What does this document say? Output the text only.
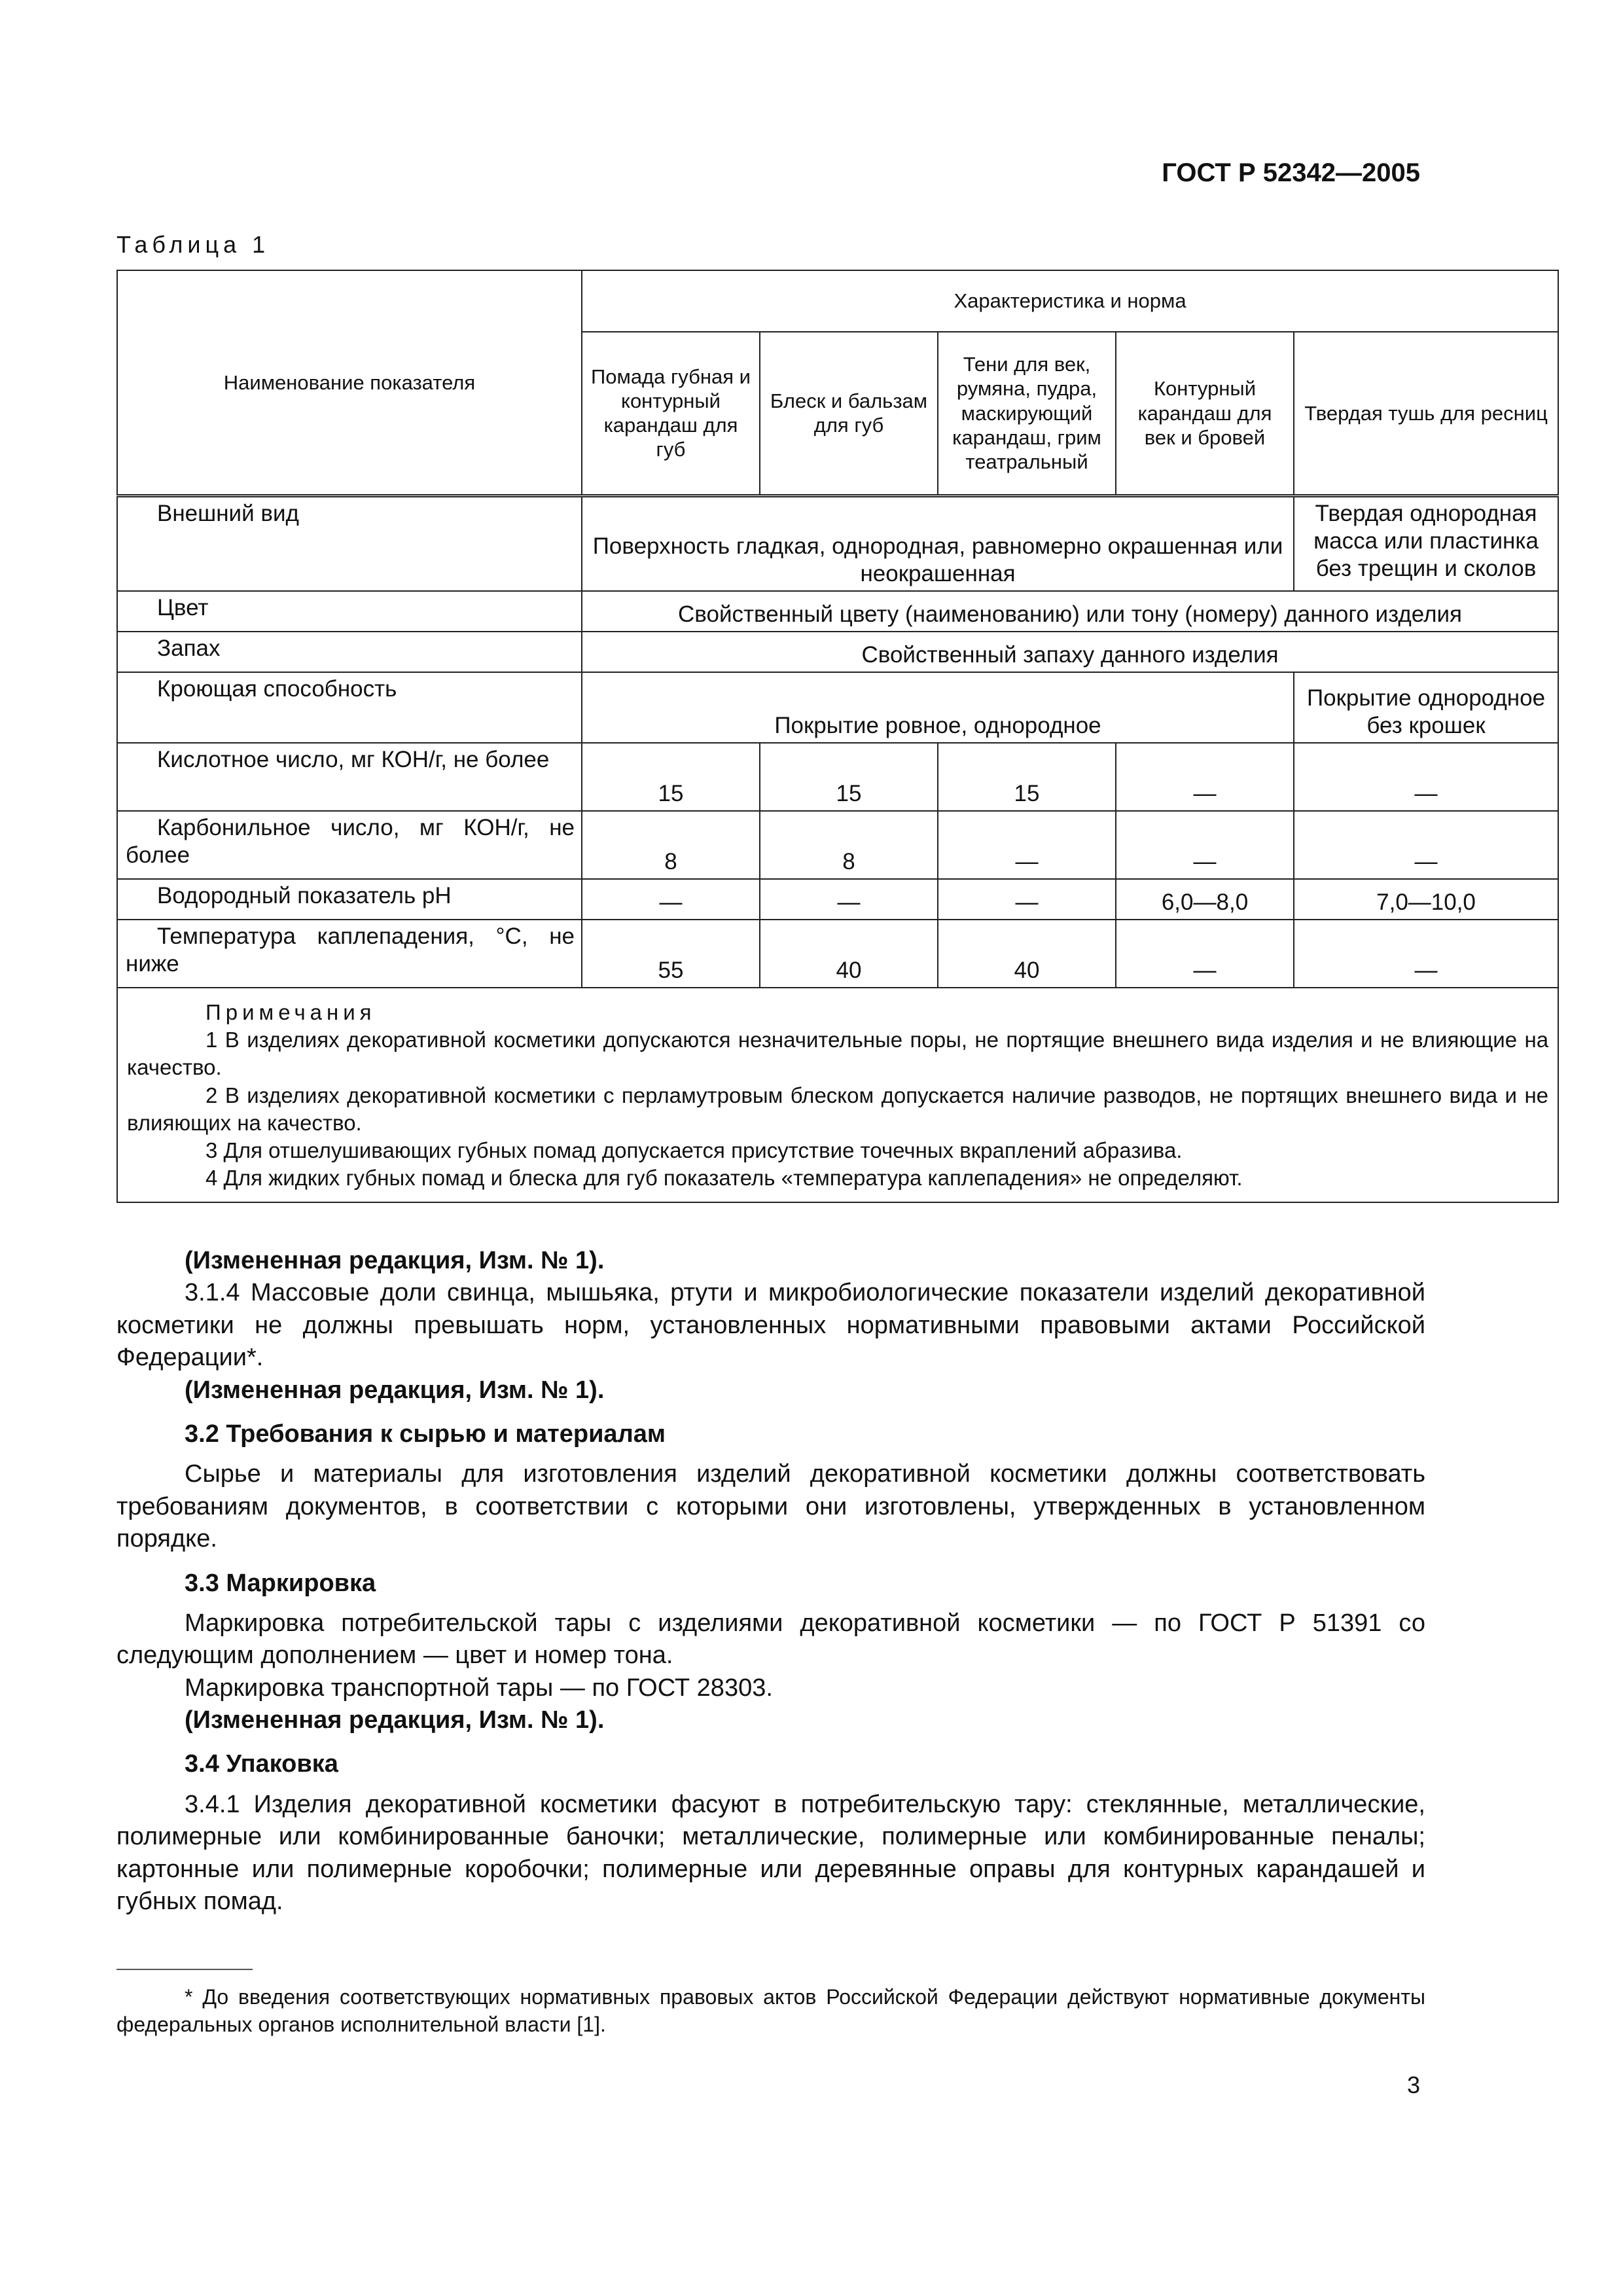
ГОСТ Р 52342—2005
Таблица 1
Наименование показателя	Характеристика и норма				
	Помада губная и контурный карандаш для губ	Блеск и бальзам для губ	Тени для век, румяна, пудра, маскирующий карандаш, грим театральный	Контурный карандаш для век и бровей	Твердая тушь для ресниц
Внешний вид	Поверхность гладкая, однородная, равномерно окрашенная или неокрашенная				Твердая однородная масса или пластинка без трещин и сколов
Цвет	Свойственный цвету (наименованию) или тону (номеру) данного изделия				
Запах	Свойственный запаху данного изделия				
Кроющая способность	Покрытие ровное, однородное				Покрытие однородное без крошек
Кислотное число, мг КОН/г, не более	15	15	15	—	—
Карбонильное число, мг КОН/г, не более	8	8	—	—	—
Водородный показатель рН	—	—	—	6,0—8,0	7,0—10,0
Температура каплепадения, °С, не ниже	55	40	40	—	—

Примечания

1 В изделиях декоративной косметики допускаются незначительные поры, не портящие внешнего вида изделия и не влияющие на качество.

2 В изделиях декоративной косметики с перламутровым блеском допускается наличие разводов, не портящих внешнего вида и не влияющих на качество.

3 Для отшелушивающих губных помад допускается присутствие точечных вкраплений абразива.

4 Для жидких губных помад и блеска для губ показатель «температура каплепадения» не определяют.					

(Измененная редакция, Изм. № 1).

3.1.4 Массовые доли свинца, мышьяка, ртути и микробиологические показатели изделий декоративной косметики не должны превышать норм, установленных нормативными правовыми актами Российской Федерации*.

(Измененная редакция, Изм. № 1).

3.2 Требования к сырью и материалам

Сырье и материалы для изготовления изделий декоративной косметики должны соответствовать требованиям документов, в соответствии с которыми они изготовлены, утвержденных в установленном порядке.

3.3 Маркировка

Маркировка потребительской тары с изделиями декоративной косметики — по ГОСТ Р 51391 со следующим дополнением — цвет и номер тона.

Маркировка транспортной тары — по ГОСТ 28303.

(Измененная редакция, Изм. № 1).

3.4 Упаковка

3.4.1 Изделия декоративной косметики фасуют в потребительскую тару: стеклянные, металлические, полимерные или комбинированные баночки; металлические, полимерные или комбинированные пеналы; картонные или полимерные коробочки; полимерные или деревянные оправы для контурных карандашей и губных помад.

* До введения соответствующих нормативных правовых актов Российской Федерации действуют нормативные документы федеральных органов исполнительной власти [1].
3
